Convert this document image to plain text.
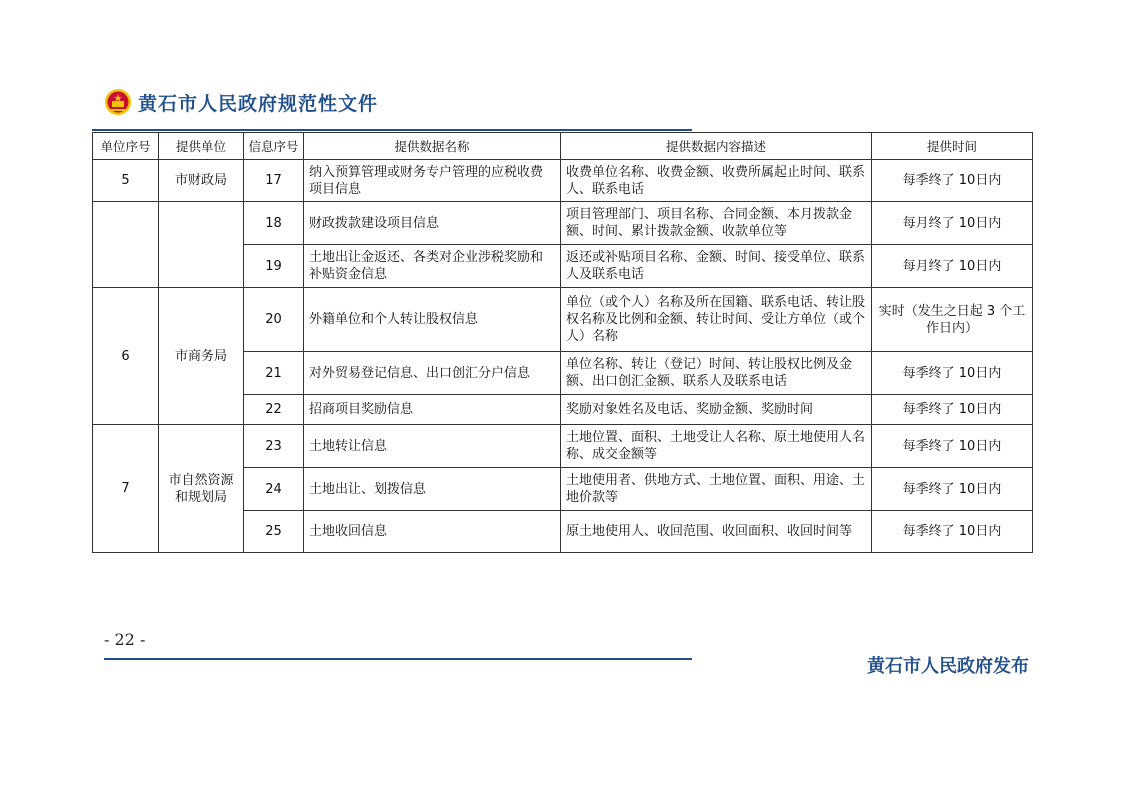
黄石市人民政府规范性文件
单位序号	提供单位	信息序号	提供数据名称	提供数据内容描述	提供时间
5	市财政局	17	纳入预算管理或财务专户管理的应税收费项目信息	收费单位名称、收费金额、收费所属起止时间、联系人、联系电话	每季终了 10日内
		18	财政拨款建设项目信息	项目管理部门、项目名称、合同金额、本月拨款金额、时间、累计拨款金额、收款单位等	每月终了 10日内
		19	土地出让金返还、各类对企业涉税奖励和补贴资金信息	返还或补贴项目名称、金额、时间、接受单位、联系人及联系电话	每月终了 10日内
6	市商务局	20	外籍单位和个人转让股权信息	单位（或个人）名称及所在国籍、联系电话、转让股权名称及比例和金额、转让时间、受让方单位（或个人）名称	实时（发生之日起 3 个工作日内）
		21	对外贸易登记信息、出口创汇分户信息	单位名称、转让（登记）时间、转让股权比例及金额、出口创汇金额、联系人及联系电话	每季终了 10日内
		22	招商项目奖励信息	奖励对象姓名及电话、奖励金额、奖励时间	每季终了 10日内
7	市自然资源和规划局	23	土地转让信息	土地位置、面积、土地受让人名称、原土地使用人名称、成交金额等	每季终了 10日内
		24	土地出让、划拨信息	土地使用者、供地方式、土地位置、面积、用途、土地价款等	每季终了 10日内
		25	土地收回信息	原土地使用人、收回范围、收回面积、收回时间等	每季终了 10日内
- 22 -
黄石市人民政府发布
